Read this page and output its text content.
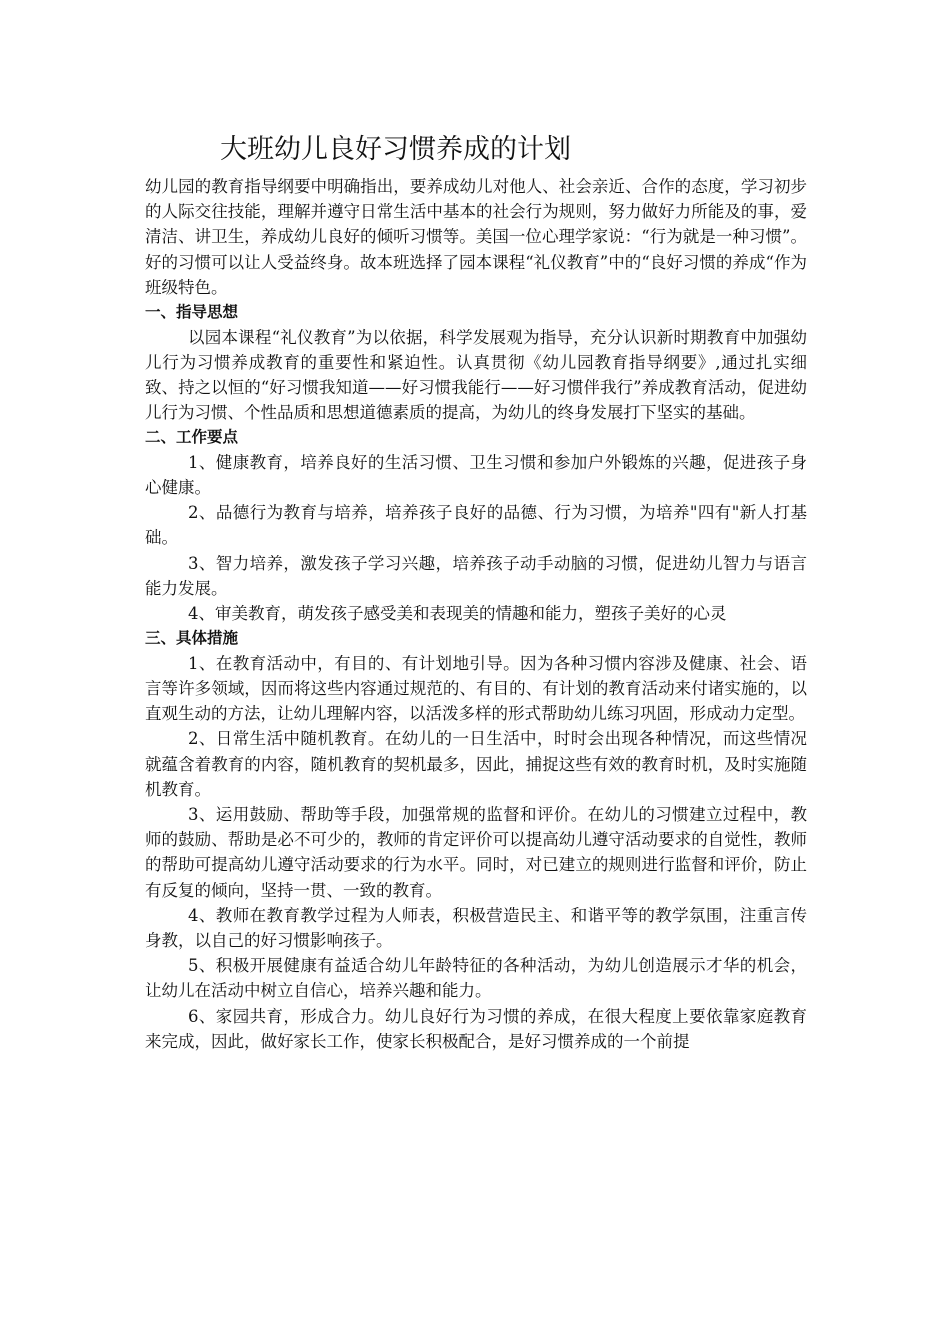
大班幼儿良好习惯养成的计划

幼儿园的教育指导纲要中明确指出，要养成幼儿对他人、社会亲近、合作的态度，学习初步的人际交往技能，理解并遵守日常生活中基本的社会行为规则，努力做好力所能及的事，爱清洁、讲卫生，养成幼儿良好的倾听习惯等。美国一位心理学家说：“行为就是一种习惯”。好的习惯可以让人受益终身。故本班选择了园本课程“礼仪教育”中的“良好习惯的养成“作为班级特色。

一、指导思想

以园本课程“礼仪教育”为以依据，科学发展观为指导，充分认识新时期教育中加强幼儿行为习惯养成教育的重要性和紧迫性。认真贯彻《幼儿园教育指导纲要》,通过扎实细致、持之以恒的“好习惯我知道——好习惯我能行——好习惯伴我行”养成教育活动，促进幼儿行为习惯、个性品质和思想道德素质的提高，为幼儿的终身发展打下坚实的基础。

二、工作要点

1、健康教育，培养良好的生活习惯、卫生习惯和参加户外锻炼的兴趣，促进孩子身心健康。

2、品德行为教育与培养，培养孩子良好的品德、行为习惯，为培养"四有"新人打基础。

3、智力培养，激发孩子学习兴趣，培养孩子动手动脑的习惯，促进幼儿智力与语言能力发展。

4、审美教育，萌发孩子感受美和表现美的情趣和能力，塑孩子美好的心灵

三、具体措施

1、在教育活动中，有目的、有计划地引导。因为各种习惯内容涉及健康、社会、语言等许多领域，因而将这些内容通过规范的、有目的、有计划的教育活动来付诸实施的，以直观生动的方法，让幼儿理解内容，以活泼多样的形式帮助幼儿练习巩固，形成动力定型。

2、日常生活中随机教育。在幼儿的一日生活中，时时会出现各种情况，而这些情况就蕴含着教育的内容，随机教育的契机最多，因此，捕捉这些有效的教育时机，及时实施随机教育。

3、运用鼓励、帮助等手段，加强常规的监督和评价。在幼儿的习惯建立过程中，教师的鼓励、帮助是必不可少的，教师的肯定评价可以提高幼儿遵守活动要求的自觉性，教师的帮助可提高幼儿遵守活动要求的行为水平。同时，对已建立的规则进行监督和评价，防止有反复的倾向，坚持一贯、一致的教育。

4、教师在教育教学过程为人师表，积极营造民主、和谐平等的教学氛围，注重言传身教，以自己的好习惯影响孩子。

5、积极开展健康有益适合幼儿年龄特征的各种活动，为幼儿创造展示才华的机会，让幼儿在活动中树立自信心，培养兴趣和能力。

6、家园共育，形成合力。幼儿良好行为习惯的养成，在很大程度上要依靠家庭教育来完成，因此，做好家长工作，使家长积极配合，是好习惯养成的一个前提
